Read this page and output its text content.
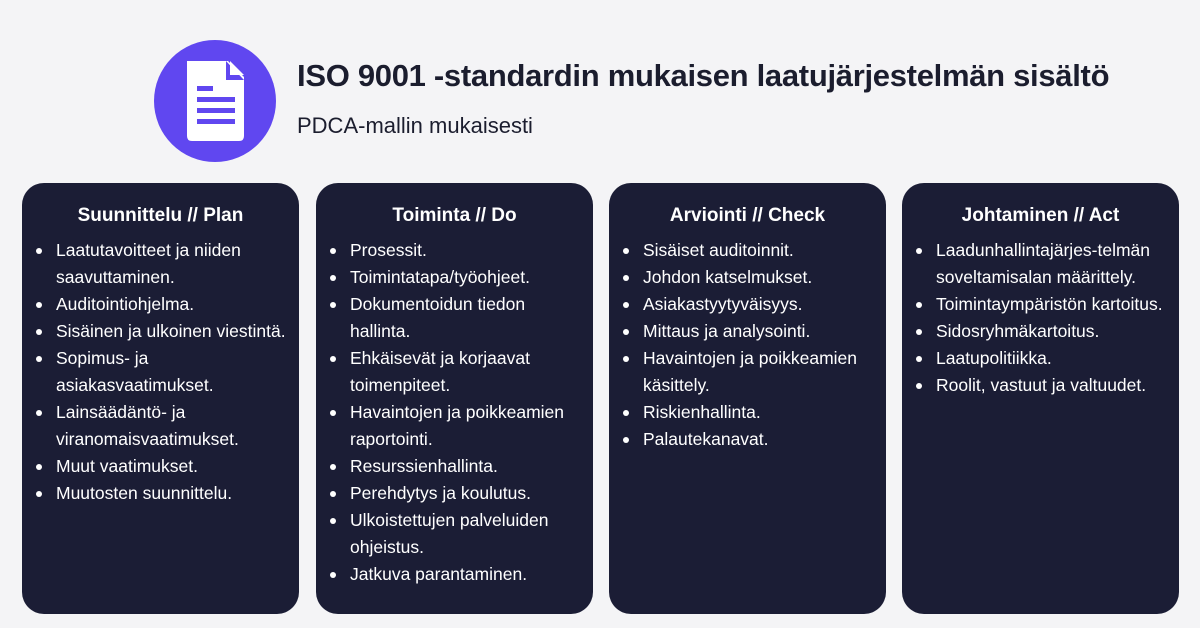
ISO 9001 -standardin mukaisen laatujärjestelmän sisältö
PDCA-mallin mukaisesti
Suunnittelu // Plan
Laatutavoitteet ja niiden saavuttaminen.
Auditointiohjelma.
Sisäinen ja ulkoinen viestintä.
Sopimus- ja asiakasvaatimukset.
Lainsäädäntö- ja viranomaisvaatimukset.
Muut vaatimukset.
Muutosten suunnittelu.
Toiminta // Do
Prosessit.
Toimintatapa/työohjeet.
Dokumentoidun tiedon hallinta.
Ehkäisevät ja korjaavat toimenpiteet.
Havaintojen ja poikkeamien raportointi.
Resurssienhallinta.
Perehdytys ja koulutus.
Ulkoistettujen palveluiden ohjeistus.
Jatkuva parantaminen.
Arviointi // Check
Sisäiset auditoinnit.
Johdon katselmukset.
Asiakastyytyväisyys.
Mittaus ja analysointi.
Havaintojen ja poikkeamien käsittely.
Riskienhallinta.
Palautekanavat.
Johtaminen // Act
Laadunhallintajärjes-telmän soveltamisalan määrittely.
Toimintaympäristön kartoitus.
Sidosryhmäkartoitus.
Laatupolitiikka.
Roolit, vastuut ja valtuudet.
